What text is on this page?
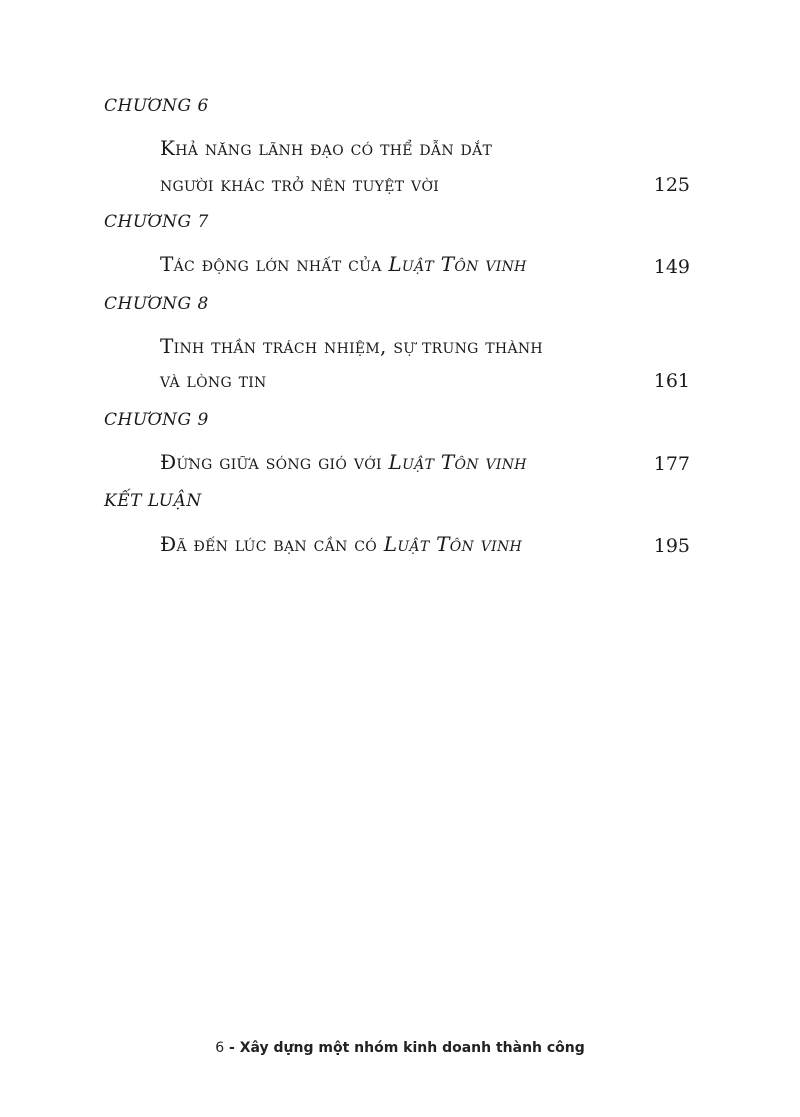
CHƯƠNG 6
Khả năng lãnh đạo có thể dẫn dắt
người khác trở nên tuyệt vời	125
CHƯƠNG 7
Tác động lớn nhất của Luật Tôn vinh	149
CHƯƠNG 8
Tinh thần trách nhiệm, sự trung thành
và lòng tin	161
CHƯƠNG 9
Đứng giữa sóng gió với Luật Tôn vinh	177
KẾT LUẬN
Đã đến lúc bạn cần có Luật Tôn vinh	195
6 - Xây dựng một nhóm kinh doanh thành công
